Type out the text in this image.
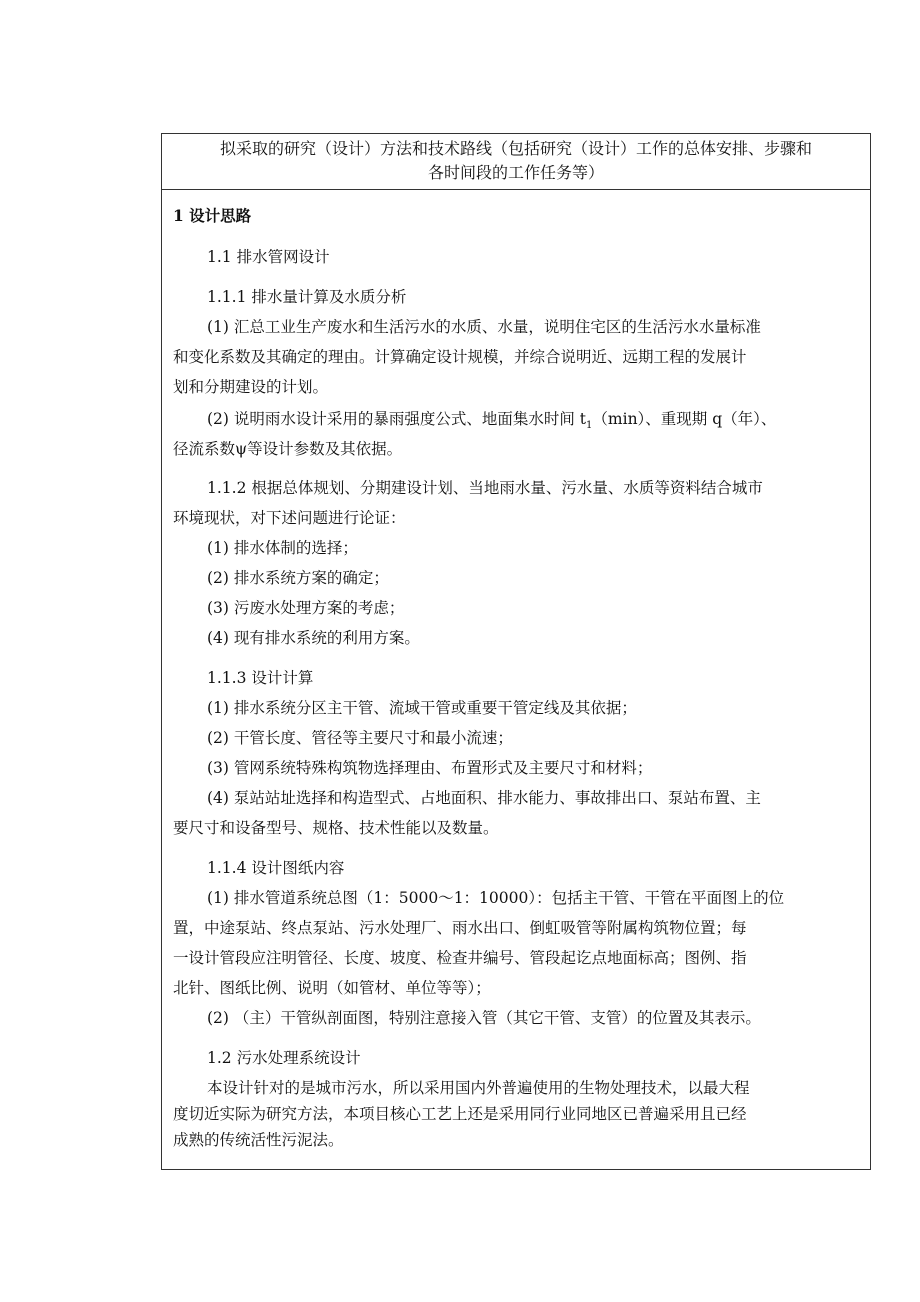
拟采取的研究（设计）方法和技术路线（包括研究（设计）工作的总体安排、步骤和
各时间段的工作任务等）
1 设计思路
1.1 排水管网设计
1.1.1 排水量计算及水质分析
(1) 汇总工业生产废水和生活污水的水质、水量，说明住宅区的生活污水水量标准
和变化系数及其确定的理由。计算确定设计规模，并综合说明近、远期工程的发展计
划和分期建设的计划。
(2) 说明雨水设计采用的暴雨强度公式、地面集水时间 $t_1(\min)$、重现期 q（年）、
径流系数ψ等设计参数及其依据。
1.1.2 根据总体规划、分期建设计划、当地雨水量、污水量、水质等资料结合城市
环境现状，对下述问题进行论证：
(1) 排水体制的选择；
(2) 排水系统方案的确定；
(3) 污废水处理方案的考虑；
(4) 现有排水系统的利用方案。
1.1.3 设计计算
(1) 排水系统分区主干管、流域干管或重要干管定线及其依据；
(2) 干管长度、管径等主要尺寸和最小流速；
(3) 管网系统特殊构筑物选择理由、布置形式及主要尺寸和材料；
(4) 泵站站址选择和构造型式、占地面积、排水能力、事故排出口、泵站布置、主
要尺寸和设备型号、规格、技术性能以及数量。
1.1.4 设计图纸内容
(1) 排水管道系统总图（1：5000～1：10000）：包括主干管、干管在平面图上的位
置，中途泵站、终点泵站、污水处理厂、雨水出口、倒虹吸管等附属构筑物位置；每
一设计管段应注明管径、长度、坡度、检查井编号、管段起讫点地面标高；图例、指
北针、图纸比例、说明（如管材、单位等等）；
(2) （主）干管纵剖面图，特别注意接入管（其它干管、支管）的位置及其表示。
1.2 污水处理系统设计
本设计针对的是城市污水，所以采用国内外普遍使用的生物处理技术，以最大程
度切近实际为研究方法，本项目核心工艺上还是采用同行业同地区已普遍采用且已经
成熟的传统活性污泥法。
